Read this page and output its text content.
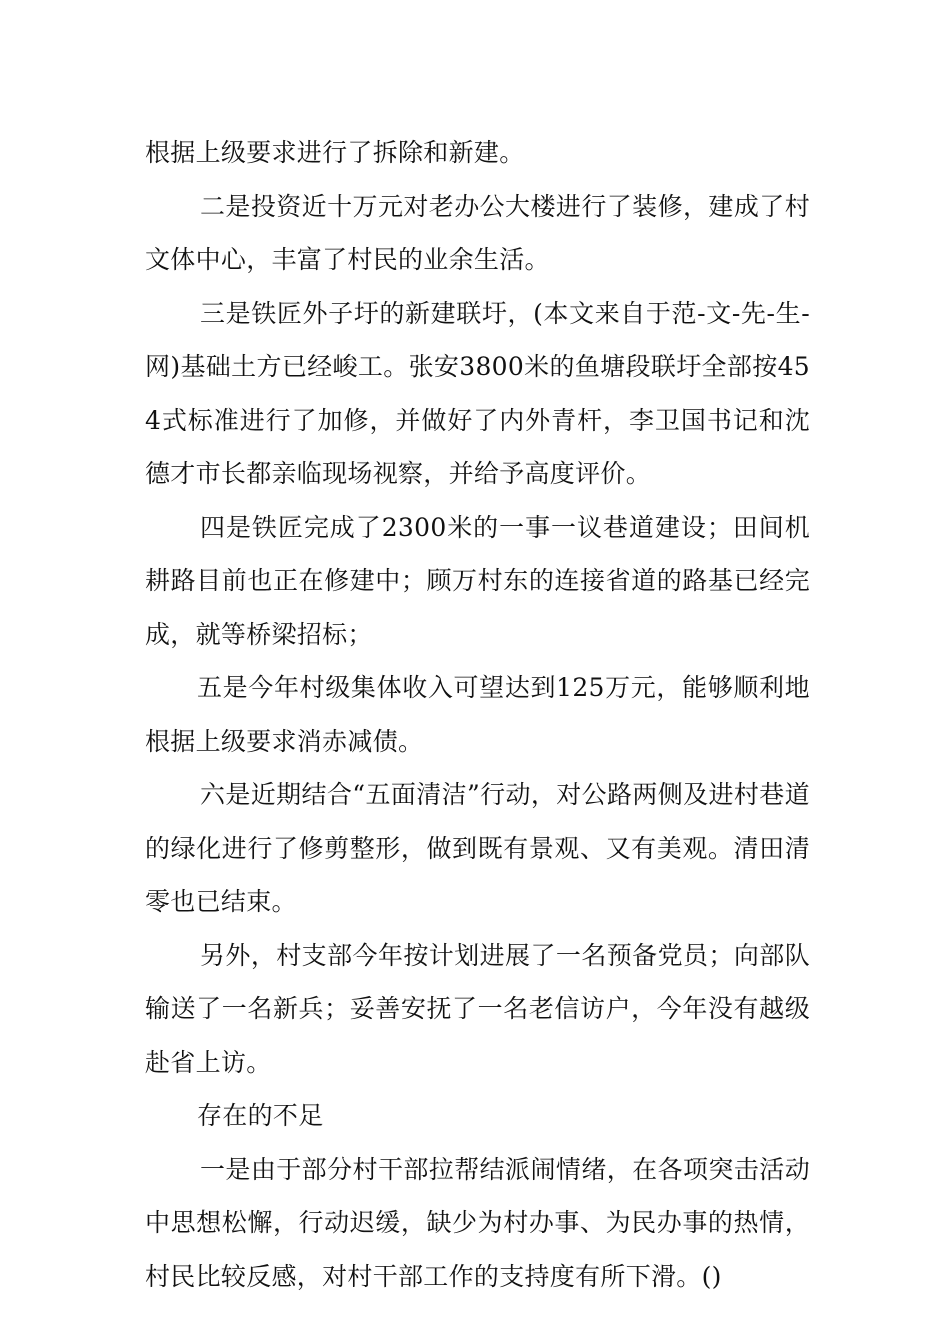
根据上级要求进行了拆除和新建。

二是投资近十万元对老办公大楼进行了装修，建成了村文体中心，丰富了村民的业余生活。

三是铁匠外子圩的新建联圩，(本文来自于范-文-先-生-网)基础土方已经峻工。张安3800米的鱼塘段联圩全部按454式标准进行了加修，并做好了内外青杆，李卫国书记和沈德才市长都亲临现场视察，并给予高度评价。

四是铁匠完成了2300米的一事一议巷道建设；田间机耕路目前也正在修建中；顾万村东的连接省道的路基已经完成，就等桥梁招标；

五是今年村级集体收入可望达到125万元，能够顺利地根据上级要求消赤减债。

六是近期结合“五面清洁”行动，对公路两侧及进村巷道的绿化进行了修剪整形，做到既有景观、又有美观。清田清零也已结束。

另外，村支部今年按计划进展了一名预备党员；向部队输送了一名新兵；妥善安抚了一名老信访户，今年没有越级赴省上访。

存在的不足

一是由于部分村干部拉帮结派闹情绪，在各项突击活动中思想松懈，行动迟缓，缺少为村办事、为民办事的热情，村民比较反感，对村干部工作的支持度有所下滑。()
